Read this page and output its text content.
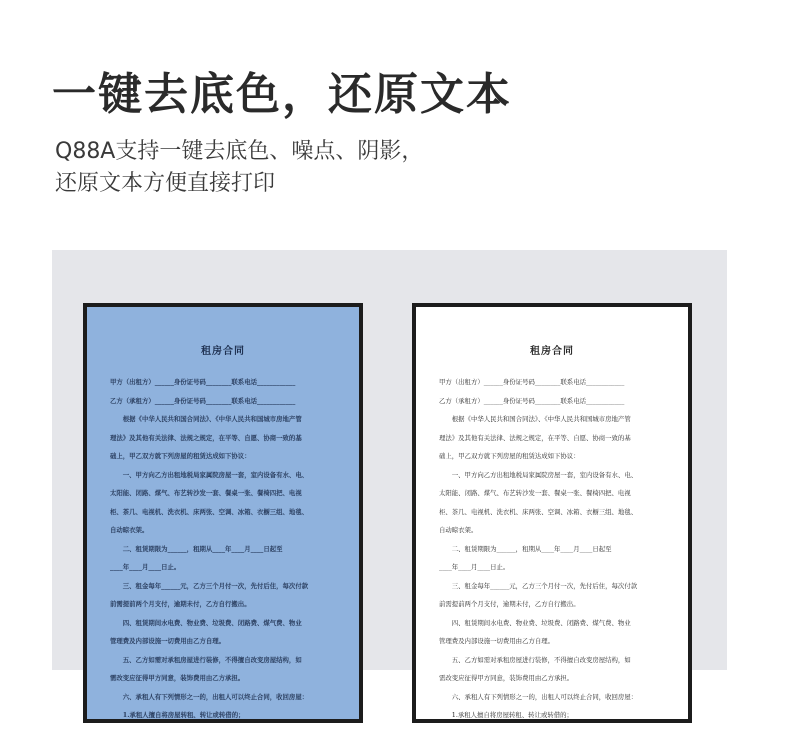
一键去底色，还原文本
Q88A支持一键去底色、噪点、阴影，
还原文本方便直接打印
租房合同
甲方（出租方）______身份证号码________联系电话____________
乙方（承租方）______身份证号码________联系电话____________
　　根据《中华人民共和国合同法》、《中华人民共和国城市房地产管
理法》及其他有关法律、法规之规定，在平等、自愿、协商一致的基
础上，甲乙双方就下列房屋的租赁达成如下协议：
　　一、甲方向乙方出租地税局家属院房屋一套，室内设备有水、电、
太阳能、闭路、煤气、布艺转沙发一套、餐桌一张、餐椅四把、电视
柜、茶几、电视机、洗衣机、床两张、空调、冰箱、衣橱三组、地毯、
自动晾衣架。
　　二、租赁期限为______，租期从____年____月____日起至
____年____月____日止。
　　三、租金每年______元，乙方三个月付一次，先付后住，每次付款
前需提前两个月支付，逾期未付，乙方自行搬出。
　　四、租赁期间水电费、物业费、垃圾费、闭路费、煤气费、物业
管理费及内部设施一切费用由乙方自理。
　　五、乙方如需对承租房屋进行装修，不得擅自改变房屋结构，如
需改变应征得甲方同意，装饰费用由乙方承担。
　　六、承租人有下列情形之一的，出租人可以终止合同，收回房屋：
　　1.承租人擅自将房屋转租、转让或转借的；
租房合同
甲方（出租方）______身份证号码________联系电话____________
乙方（承租方）______身份证号码________联系电话____________
　　根据《中华人民共和国合同法》、《中华人民共和国城市房地产管
理法》及其他有关法律、法规之规定，在平等、自愿、协商一致的基
础上，甲乙双方就下列房屋的租赁达成如下协议：
　　一、甲方向乙方出租地税局家属院房屋一套，室内设备有水、电、
太阳能、闭路、煤气、布艺转沙发一套、餐桌一张、餐椅四把、电视
柜、茶几、电视机、洗衣机、床两张、空调、冰箱、衣橱三组、地毯、
自动晾衣架。
　　二、租赁期限为______，租期从____年____月____日起至
____年____月____日止。
　　三、租金每年______元，乙方三个月付一次，先付后住，每次付款
前需提前两个月支付，逾期未付，乙方自行搬出。
　　四、租赁期间水电费、物业费、垃圾费、闭路费、煤气费、物业
管理费及内部设施一切费用由乙方自理。
　　五、乙方如需对承租房屋进行装修，不得擅自改变房屋结构，如
需改变应征得甲方同意，装饰费用由乙方承担。
　　六、承租人有下列情形之一的，出租人可以终止合同，收回房屋：
　　1.承租人擅自将房屋转租、转让或转借的；
